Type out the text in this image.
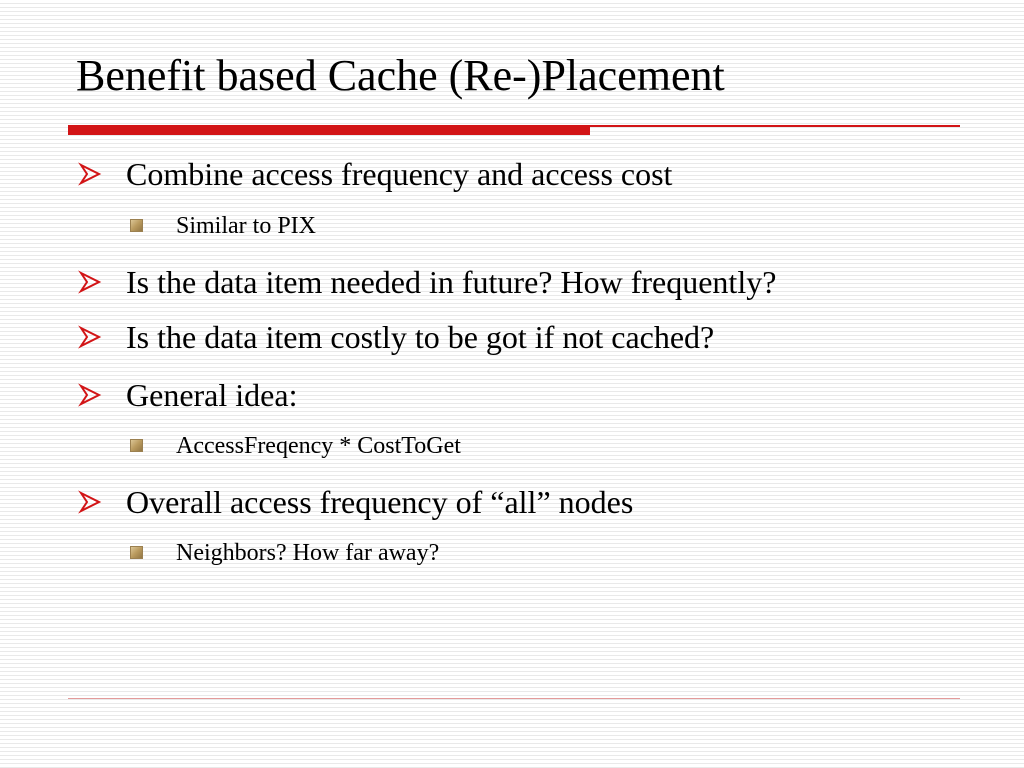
Benefit based Cache (Re-)Placement
Combine access frequency and access cost
Similar to PIX
Is the data item needed in future? How frequently?
Is the data item costly to be got if not cached?
General idea:
AccessFreqency * CostToGet
Overall access frequency of “all” nodes
Neighbors? How far away?
